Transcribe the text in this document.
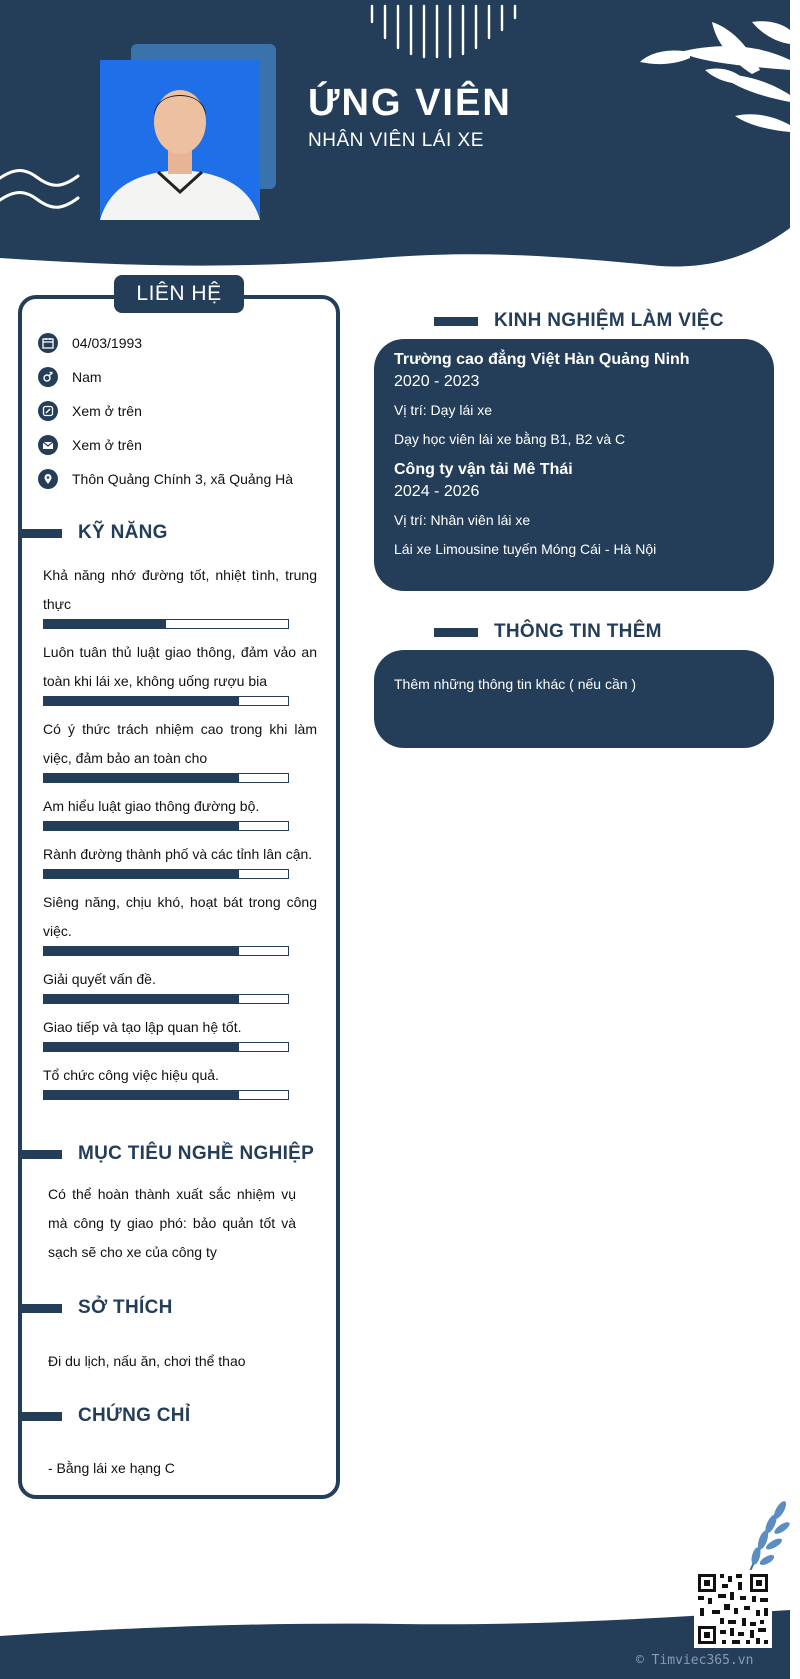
ỨNG VIÊN
NHÂN VIÊN LÁI XE
LIÊN HỆ
04/03/1993
Nam
Xem ở trên
Xem ở trên
Thôn Quảng Chính 3, xã Quảng Hà
KỸ NĂNG
Khả năng nhớ đường tốt, nhiệt tình, trung thực
Luôn tuân thủ luật giao thông, đảm vảo an toàn khi lái xe, không uống rượu bia
Có ý thức trách nhiệm cao trong khi làm việc, đảm bảo an toàn cho
Am hiểu luật giao thông đường bộ.
Rành đường thành phố và các tỉnh lân cận.
Siêng năng, chịu khó, hoạt bát trong công việc.
Giải quyết vấn đề.
Giao tiếp và tạo lập quan hệ tốt.
Tổ chức công việc hiệu quả.
MỤC TIÊU NGHỀ NGHIỆP
Có thể hoàn thành xuất sắc nhiệm vụ mà công ty giao phó: bảo quản tốt và sạch sẽ cho xe của công ty
SỞ THÍCH
Đi du lịch, nấu ăn, chơi thể thao
CHỨNG CHỈ
- Bằng lái xe hạng C
KINH NGHIỆM LÀM VIỆC
Trường cao đẳng Việt Hàn Quảng Ninh
2020 - 2023
Vị trí: Dạy lái xe
Dạy học viên lái xe bằng B1, B2 và C
Công ty vận tải Mê Thái
2024 - 2026
Vị trí: Nhân viên lái xe
Lái xe Limousine tuyến Móng Cái - Hà Nội
THÔNG TIN THÊM
Thêm những thông tin khác ( nếu cần )
© Timviec365.vn
